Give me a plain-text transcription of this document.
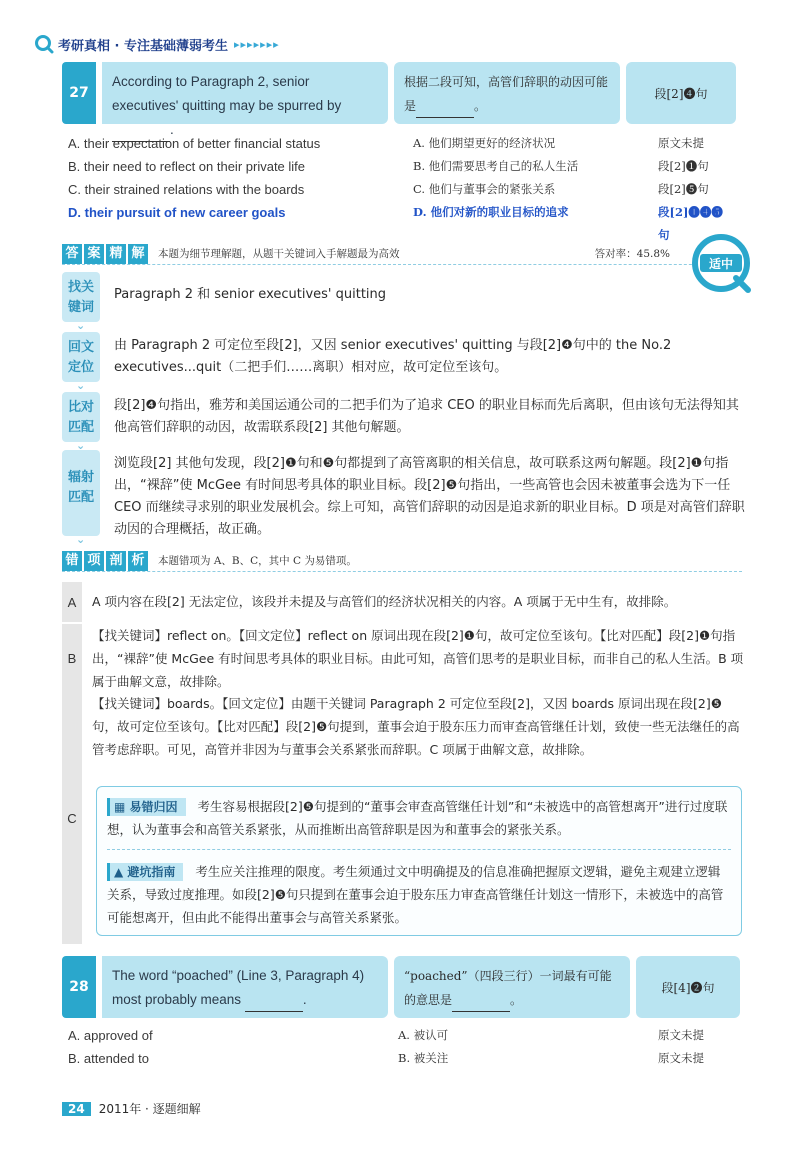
考研真相 · 专注基础薄弱考生 ▸▸▸▸▸▸▸
27
According to Paragraph 2, senior executives' quitting may be spurred by .
根据二段可知，高管们辞职的动因可能是	。
段[2]❹句
A. their expectation of better financial status	A. 他们期望更好的经济状况	原文未提
B. their need to reflect on their private life	B. 他们需要思考自己的私人生活	段[2]❶句
C. their strained relations with the boards	C. 他们与董事会的紧张关系	段[2]❺句
D. their pursuit of new career goals	D. 他们对新的职业目标的追求	段[2]❶❹❺句
答 案 精 解	本题为细节理解题，从题干关键词入手解题最为高效	答对率：45.8%
适中
找关键词 ⌄
Paragraph 2 和 senior executives' quitting
回文定位 ⌄
由 Paragraph 2 可定位至段[2]，又因 senior executives' quitting 与段[2]❹句中的 the No.2 executives...quit（二把手们……离职）相对应，故可定位至该句。
比对匹配 ⌄
段[2]❹句指出，雅芳和美国运通公司的二把手们为了追求 CEO 的职业目标而先后离职，但由该句无法得知其他高管们辞职的动因，故需联系段[2] 其他句解题。
辐射匹配 ⌄
浏览段[2] 其他句发现，段[2]❶句和❺句都提到了高管离职的相关信息，故可联系这两句解题。段[2]❶句指出，“裸辞”使 McGee 有时间思考具体的职业目标。段[2]❺句指出，一些高管也会因未被董事会选为下一任 CEO 而继续寻求别的职业发展机会。综上可知，高管们辞职的动因是追求新的职业目标。D 项是对高管们辞职动因的合理概括，故正确。
错 项 剖 析	本题错项为 A、B、C，其中 C 为易错项。
A	A 项内容在段[2] 无法定位，该段并未提及与高管们的经济状况相关的内容。A 项属于无中生有，故排除。
B
【找关键词】reflect on。【回文定位】reflect on 原词出现在段[2]❶句，故可定位至该句。【比对匹配】段[2]❶句指出，“裸辞”使 McGee 有时间思考具体的职业目标。由此可知，高管们思考的是职业目标，而非自己的私人生活。B 项属于曲解文意，故排除。
C
【找关键词】boards。【回文定位】由题干关键词 Paragraph 2 可定位至段[2]，又因 boards 原词出现在段[2]❺句，故可定位至该句。【比对匹配】段[2]❺句提到，董事会迫于股东压力而审查高管继任计划，致使一些无法继任的高管考虑辞职。可见，高管并非因为与董事会关系紧张而辞职。C 项属于曲解文意，故排除。
▦ 易错归因 考生容易根据段[2]❺句提到的“董事会审查高管继任计划”和“未被选中的高管想离开”进行过度联想，认为董事会和高管关系紧张，从而推断出高管辞职是因为和董事会的紧张关系。
▲ 避坑指南 考生应关注推理的限度。考生须通过文中明确提及的信息准确把握原文逻辑，避免主观建立逻辑关系，导致过度推理。如段[2]❺句只提到在董事会迫于股东压力审查高管继任计划这一情形下，未被选中的高管可能想离开，但由此不能得出董事会与高管关系紧张。
28
The word “poached” (Line 3, Paragraph 4) most probably means	.
“poached”（四段三行）一词最有可能的意思是	。
段[4]❷句
A. approved of	A. 被认可	原文未提
B. attended to	B. 被关注	原文未提
24	2011年 · 逐题细解
